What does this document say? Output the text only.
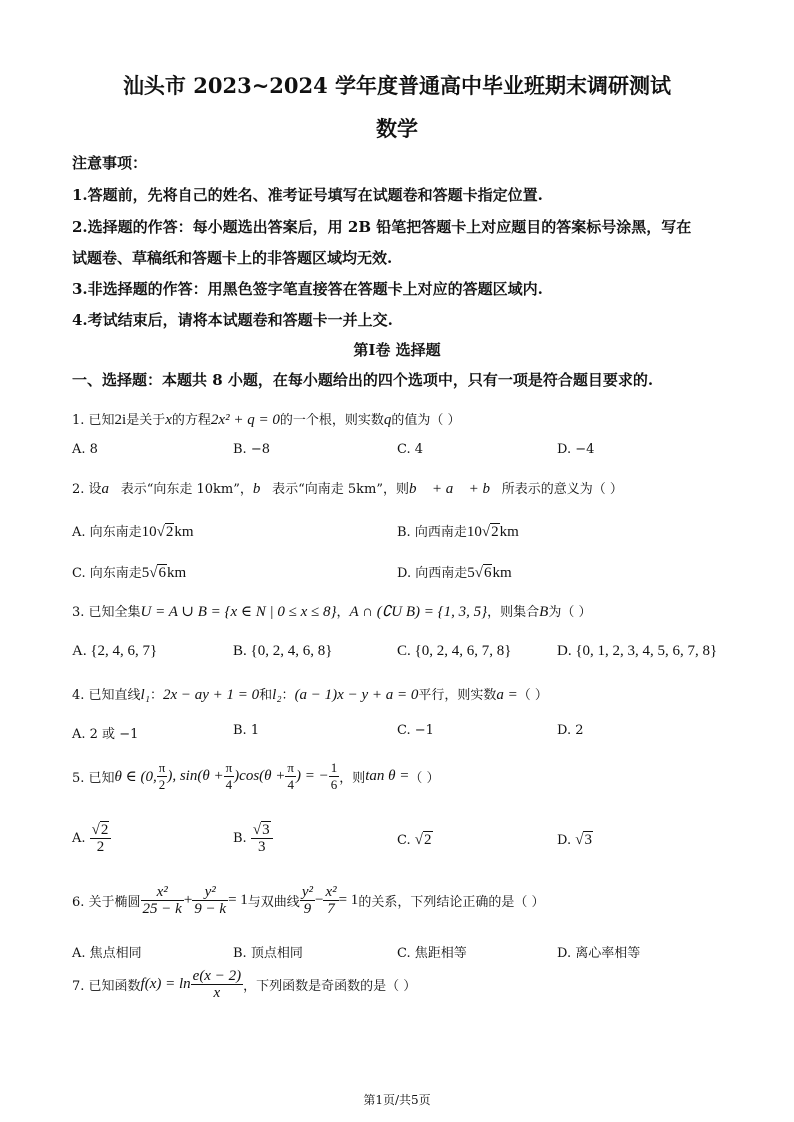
汕头市 2023~2024 学年度普通高中毕业班期末调研测试
数学
注意事项：
1.答题前，先将自己的姓名、准考证号填写在试题卷和答题卡指定位置.
2.选择题的作答：每小题选出答案后，用 2B 铅笔把答题卡上对应题目的答案标号涂黑，写在
试题卷、草稿纸和答题卡上的非答题区域均无效.
3.非选择题的作答：用黑色签字笔直接答在答题卡上对应的答题区域内.
4.考试结束后，请将本试题卷和答题卡一并上交.
第Ⅰ卷 选择题
一、选择题：本题共 8 小题，在每小题给出的四个选项中，只有一项是符合题目要求的.
1. 已知2i是关于x的方程2x² + q = 0的一个根，则实数q的值为（ ）
A. 8	B. −8	C. 4	D. −4
2. 设a⃗表示“向东走 10km”，b⃗表示“向南走 5km”，则b⃗ + a⃗ + b⃗所表示的意义为（ ）
A. 向东南走10√2km	B. 向西南走10√2km
C. 向东南走5√6km	D. 向西南走5√6km
3. 已知全集U = A ∪ B = {x ∈ N | 0 ≤ x ≤ 8}，A ∩ (∁U B) = {1, 3, 5}，则集合B为（ ）
A. {2, 4, 6, 7}	B. {0, 2, 4, 6, 8}	C. {0, 2, 4, 6, 7, 8}	D. {0, 1, 2, 3, 4, 5, 6, 7, 8}
4. 已知直线l₁：2x − ay + 1 = 0和l₂：(a − 1)x − y + a = 0平行，则实数a =（ ）
A. 2 或 −1	B. 1	C. −1	D. 2
5. 已知θ ∈ (0, $\frac{\pi}{2}$ ), $\sin(\theta + \frac{\pi}{4} )\cos(\theta + \frac{\pi}{4}$ ) = − $\frac{1}{6}$ ，则tan θ =（ ）
A. $\frac{√2}{2}$	B. $\frac{√3}{3}$	C. √2	D. √3
6. 关于椭圆 $\frac{\text{x²}}{25 - k} + \frac{\text{y²}}{9 - k} = 1$与双曲线 $\frac{\text{y²}}{9} - \frac{\text{x²}}{7} = 1$的关系，下列结论正确的是（ ）
A. 焦点相同	B. 顶点相同	C. 焦距相等	D. 离心率相等
7. 已知函数$f(x) = \ln \frac{e(x - 2)}{x}$ ，下列函数是奇函数的是（ ）
第1页/共5页
